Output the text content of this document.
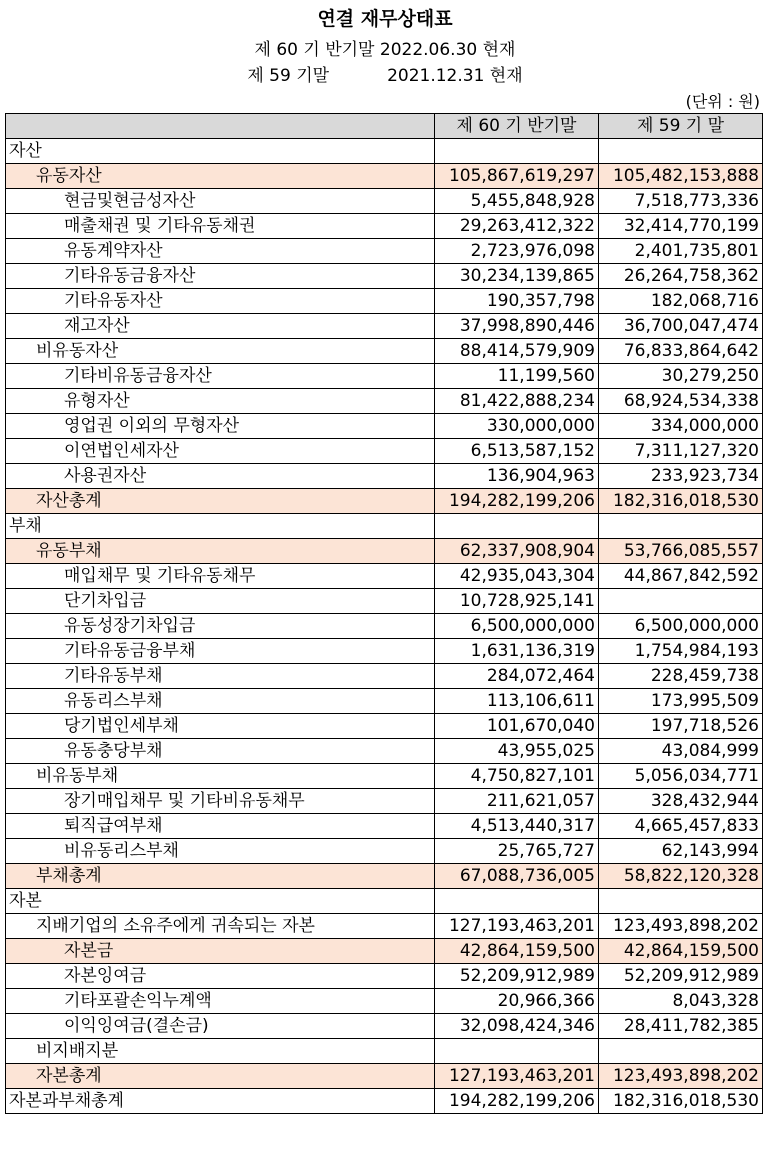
연결 재무상태표
제 60 기 반기말 2022.06.30 현재
제 59 기말	2021.12.31 현재
(단위 : 원)
	제 60 기 반기말	제 59 기 말
자산		
유동자산	105,867,619,297	105,482,153,888
현금및현금성자산	5,455,848,928	7,518,773,336
매출채권 및 기타유동채권	29,263,412,322	32,414,770,199
유동계약자산	2,723,976,098	2,401,735,801
기타유동금융자산	30,234,139,865	26,264,758,362
기타유동자산	190,357,798	182,068,716
재고자산	37,998,890,446	36,700,047,474
비유동자산	88,414,579,909	76,833,864,642
기타비유동금융자산	11,199,560	30,279,250
유형자산	81,422,888,234	68,924,534,338
영업권 이외의 무형자산	330,000,000	334,000,000
이연법인세자산	6,513,587,152	7,311,127,320
사용권자산	136,904,963	233,923,734
자산총계	194,282,199,206	182,316,018,530
부채		
유동부채	62,337,908,904	53,766,085,557
매입채무 및 기타유동채무	42,935,043,304	44,867,842,592
단기차입금	10,728,925,141	
유동성장기차입금	6,500,000,000	6,500,000,000
기타유동금융부채	1,631,136,319	1,754,984,193
기타유동부채	284,072,464	228,459,738
유동리스부채	113,106,611	173,995,509
당기법인세부채	101,670,040	197,718,526
유동충당부채	43,955,025	43,084,999
비유동부채	4,750,827,101	5,056,034,771
장기매입채무 및 기타비유동채무	211,621,057	328,432,944
퇴직급여부채	4,513,440,317	4,665,457,833
비유동리스부채	25,765,727	62,143,994
부채총계	67,088,736,005	58,822,120,328
자본		
지배기업의 소유주에게 귀속되는 자본	127,193,463,201	123,493,898,202
자본금	42,864,159,500	42,864,159,500
자본잉여금	52,209,912,989	52,209,912,989
기타포괄손익누계액	20,966,366	8,043,328
이익잉여금(결손금)	32,098,424,346	28,411,782,385
비지배지분		
자본총계	127,193,463,201	123,493,898,202
자본과부채총계	194,282,199,206	182,316,018,530
